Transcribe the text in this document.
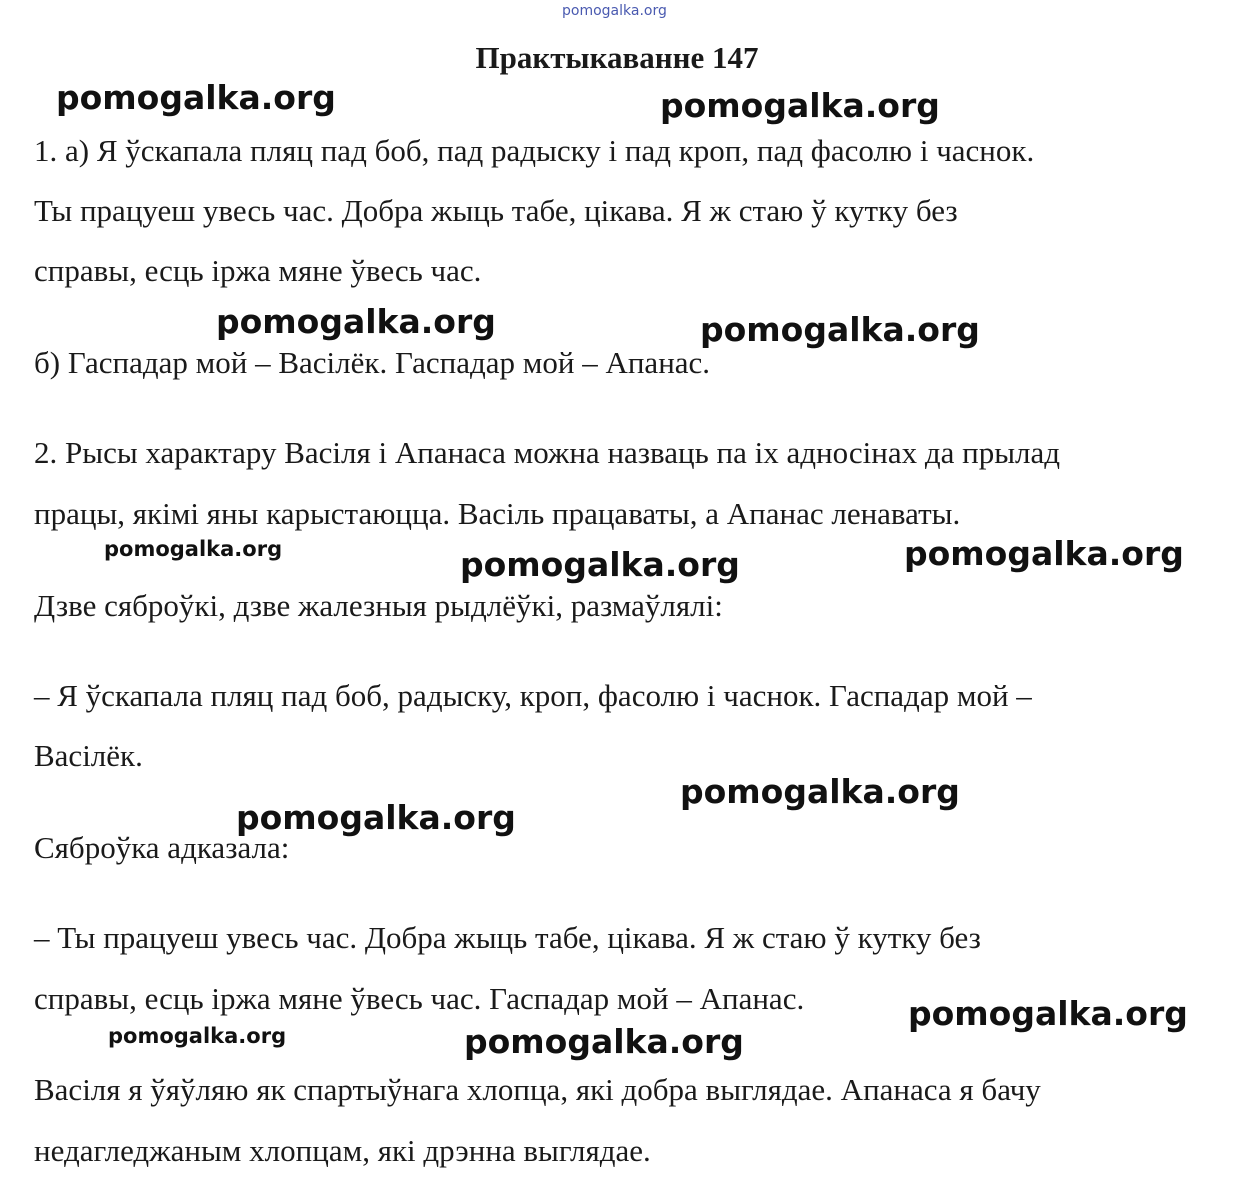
pomogalka.org
Практыкаванне 147
1. а) Я ўскапала пляц пад боб, пад радыску і пад кроп, пад фасолю і часнок.
Ты працуеш увесь час. Добра жыць табе, цікава. Я ж стаю ў кутку без
справы, есць іржа мяне ўвесь час.
б) Гаспадар мой – Васілёк. Гаспадар мой – Апанас.
2. Рысы характару Васіля і Апанаса можна назваць па іх адносінах да прылад
працы, якімі яны карыстаюцца. Васіль працаваты, а Апанас ленаваты.
Дзве сяброўкі, дзве жалезныя рыдлёўкі, размаўлялі:
– Я ўскапала пляц пад боб, радыску, кроп, фасолю і часнок. Гаспадар мой –
Васілёк.
Сяброўка адказала:
– Ты працуеш увесь час. Добра жыць табе, цікава. Я ж стаю ў кутку без
справы, есць іржа мяне ўвесь час. Гаспадар мой – Апанас.
Васіля я ўяўляю як спартыўнага хлопца, які добра выглядае. Апанаса я бачу
недагледжаным хлопцам, які дрэнна выглядае.
pomogalka.org	pomogalka.org
pomogalka.org	pomogalka.org
pomogalka.org	pomogalka.org	pomogalka.org
pomogalka.org
pomogalka.org
pomogalka.org
pomogalka.org	pomogalka.org
